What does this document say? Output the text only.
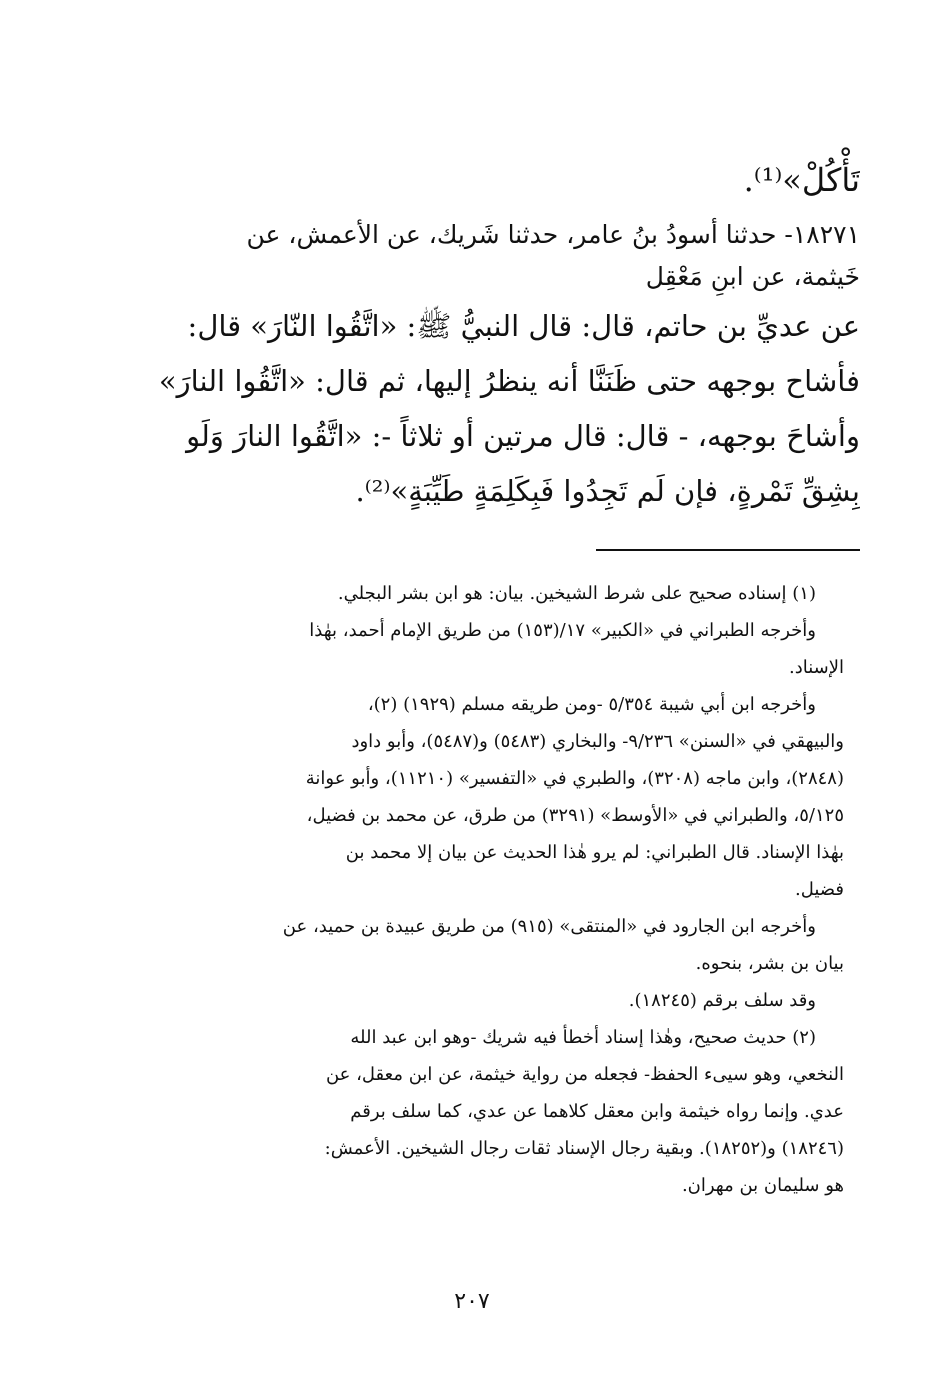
تَأْكُلْ»⁽¹⁾.
١٨٢٧١- حدثنا أسودُ بنُ عامر، حدثنا شَريك، عن الأعمش، عن
خَيثمة، عن ابنِ مَعْقِل
عن عديِّ بن حاتم، قال: قال النبيُّ ﷺ: «اتَّقُوا النّارَ» قال:
فأشاح بوجهه حتى ظَنَنَّا أنه ينظرُ إليها، ثم قال: «اتَّقُوا النارَ»
وأشاحَ بوجهه، - قال: قال مرتين أو ثلاثاً -: «اتَّقُوا النارَ وَلَو
بِشِقِّ تَمْرةٍ، فإن لَم تَجِدُوا فَبِكَلِمَةٍ طَيِّبَةٍ»⁽²⁾.
(١) إسناده صحيح على شرط الشيخين. بيان: هو ابن بشر البجلي.
وأخرجه الطبراني في «الكبير» ١٧/(١٥٣) من طريق الإمام أحمد، بهٰذا
الإسناد.
وأخرجه ابن أبي شيبة ٥/٣٥٤ -ومن طريقه مسلم (١٩٢٩) (٢)،
والبيهقي في «السنن» ٩/٢٣٦- والبخاري (٥٤٨٣) و(٥٤٨٧)، وأبو داود
(٢٨٤٨)، وابن ماجه (٣٢٠٨)، والطبري في «التفسير» (١١٢١٠)، وأبو عوانة
٥/١٢٥، والطبراني في «الأوسط» (٣٢٩١) من طرق، عن محمد بن فضيل،
بهٰذا الإسناد. قال الطبراني: لم يرو هٰذا الحديث عن بيان إلا محمد بن
فضيل.
وأخرجه ابن الجارود في «المنتقى» (٩١٥) من طريق عبيدة بن حميد، عن
بيان بن بشر، بنحوه.
وقد سلف برقم (١٨٢٤٥).
(٢) حديث صحيح، وهٰذا إسناد أخطأ فيه شريك -وهو ابن عبد الله
النخعي، وهو سيىء الحفظ- فجعله من رواية خيثمة، عن ابن معقل، عن
عدي. وإنما رواه خيثمة وابن معقل كلاهما عن عدي، كما سلف برقم
(١٨٢٤٦) و(١٨٢٥٢). وبقية رجال الإسناد ثقات رجال الشيخين. الأعمش:
هو سليمان بن مهران.
٢٠٧
